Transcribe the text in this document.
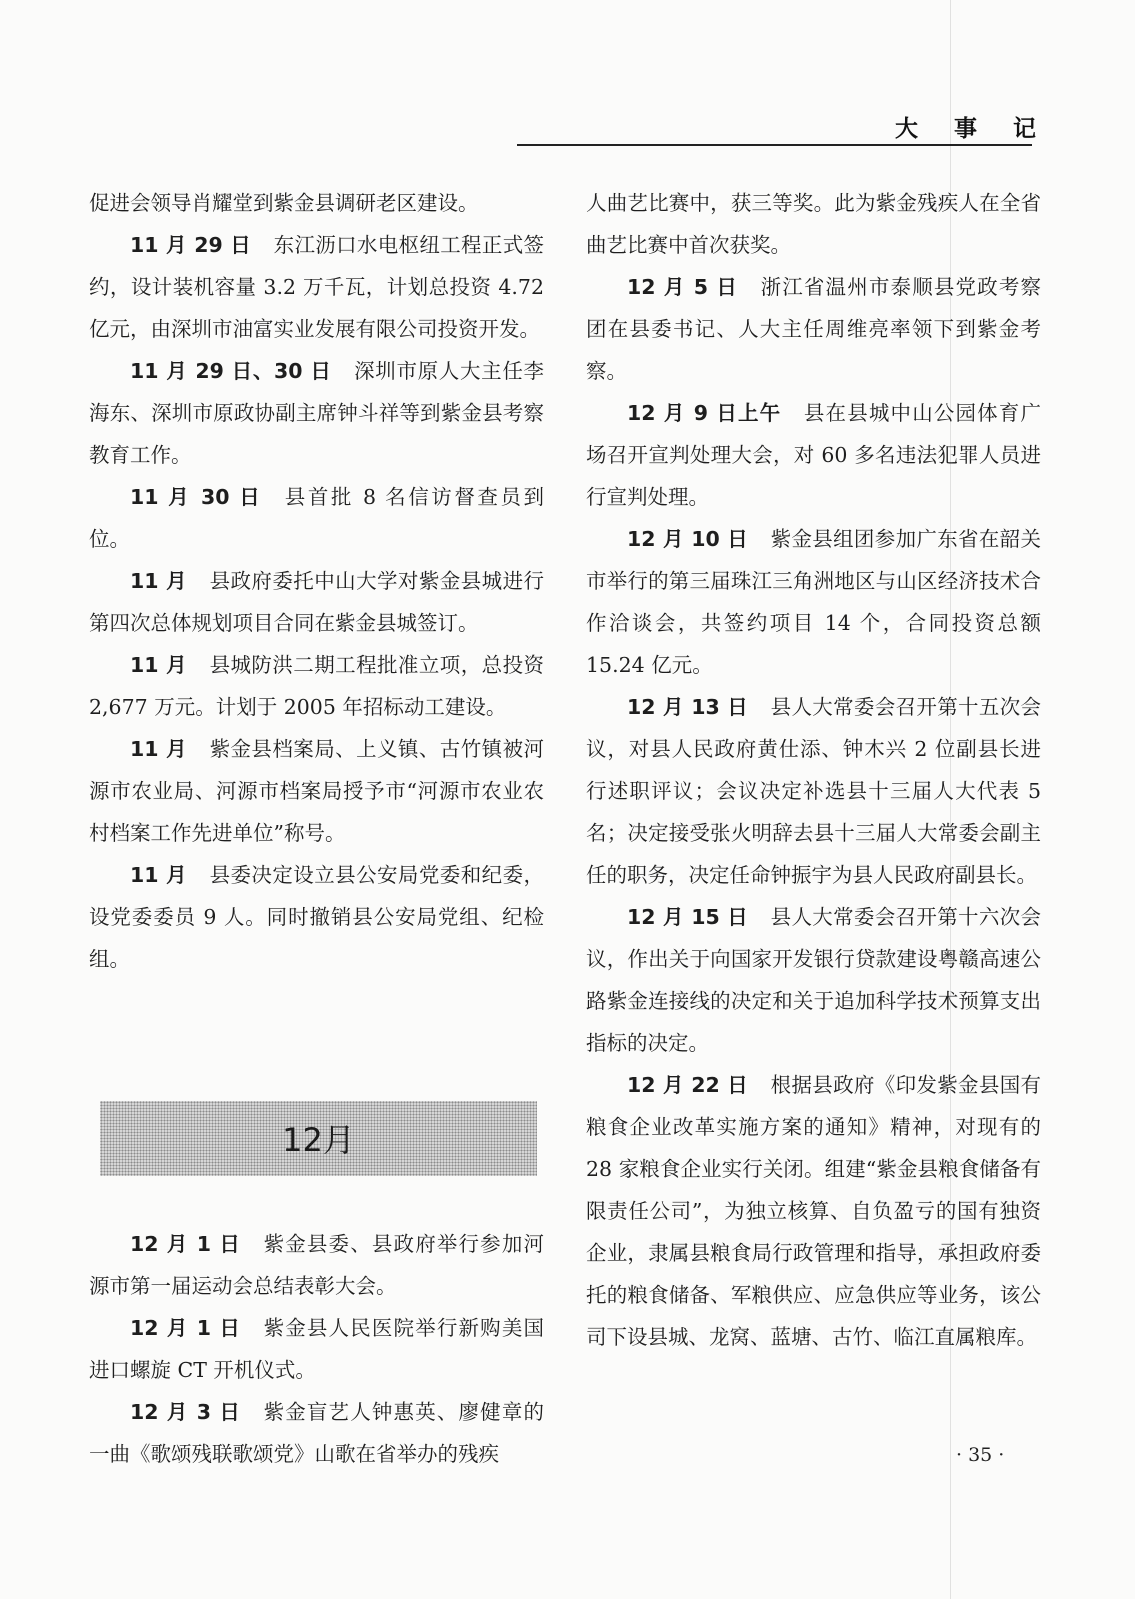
大 事 记

促进会领导肖耀堂到紫金县调研老区建设。

11 月 29 日 东江沥口水电枢纽工程正式签约，设计装机容量 3.2 万千瓦，计划总投资 4.72 亿元，由深圳市油富实业发展有限公司投资开发。

11 月 29 日、30 日 深圳市原人大主任李海东、深圳市原政协副主席钟斗祥等到紫金县考察教育工作。

11 月 30 日 县首批 8 名信访督查员到位。

11 月 县政府委托中山大学对紫金县城进行第四次总体规划项目合同在紫金县城签订。

11 月 县城防洪二期工程批准立项，总投资 2,677 万元。计划于 2005 年招标动工建设。

11 月 紫金县档案局、上义镇、古竹镇被河源市农业局、河源市档案局授予市“河源市农业农村档案工作先进单位”称号。

11 月 县委决定设立县公安局党委和纪委，设党委委员 9 人。同时撤销县公安局党组、纪检组。

12月

12 月 1 日 紫金县委、县政府举行参加河源市第一届运动会总结表彰大会。

12 月 1 日 紫金县人民医院举行新购美国进口螺旋 CT 开机仪式。

12 月 3 日 紫金盲艺人钟惠英、廖健章的一曲《歌颂残联歌颂党》山歌在省举办的残疾

人曲艺比赛中，获三等奖。此为紫金残疾人在全省曲艺比赛中首次获奖。

12 月 5 日 浙江省温州市泰顺县党政考察团在县委书记、人大主任周维亮率领下到紫金考察。

12 月 9 日上午 县在县城中山公园体育广场召开宣判处理大会，对 60 多名违法犯罪人员进行宣判处理。

12 月 10 日 紫金县组团参加广东省在韶关市举行的第三届珠江三角洲地区与山区经济技术合作洽谈会，共签约项目 14 个，合同投资总额 15.24 亿元。

12 月 13 日 县人大常委会召开第十五次会议，对县人民政府黄仕添、钟木兴 2 位副县长进行述职评议；会议决定补选县十三届人大代表 5 名；决定接受张火明辞去县十三届人大常委会副主任的职务，决定任命钟振宇为县人民政府副县长。

12 月 15 日 县人大常委会召开第十六次会议，作出关于向国家开发银行贷款建设粤赣高速公路紫金连接线的决定和关于追加科学技术预算支出指标的决定。

12 月 22 日 根据县政府《印发紫金县国有粮食企业改革实施方案的通知》精神，对现有的 28 家粮食企业实行关闭。组建“紫金县粮食储备有限责任公司”，为独立核算、自负盈亏的国有独资企业，隶属县粮食局行政管理和指导，承担政府委托的粮食储备、军粮供应、应急供应等业务，该公司下设县城、龙窝、蓝塘、古竹、临江直属粮库。

· 35 ·
